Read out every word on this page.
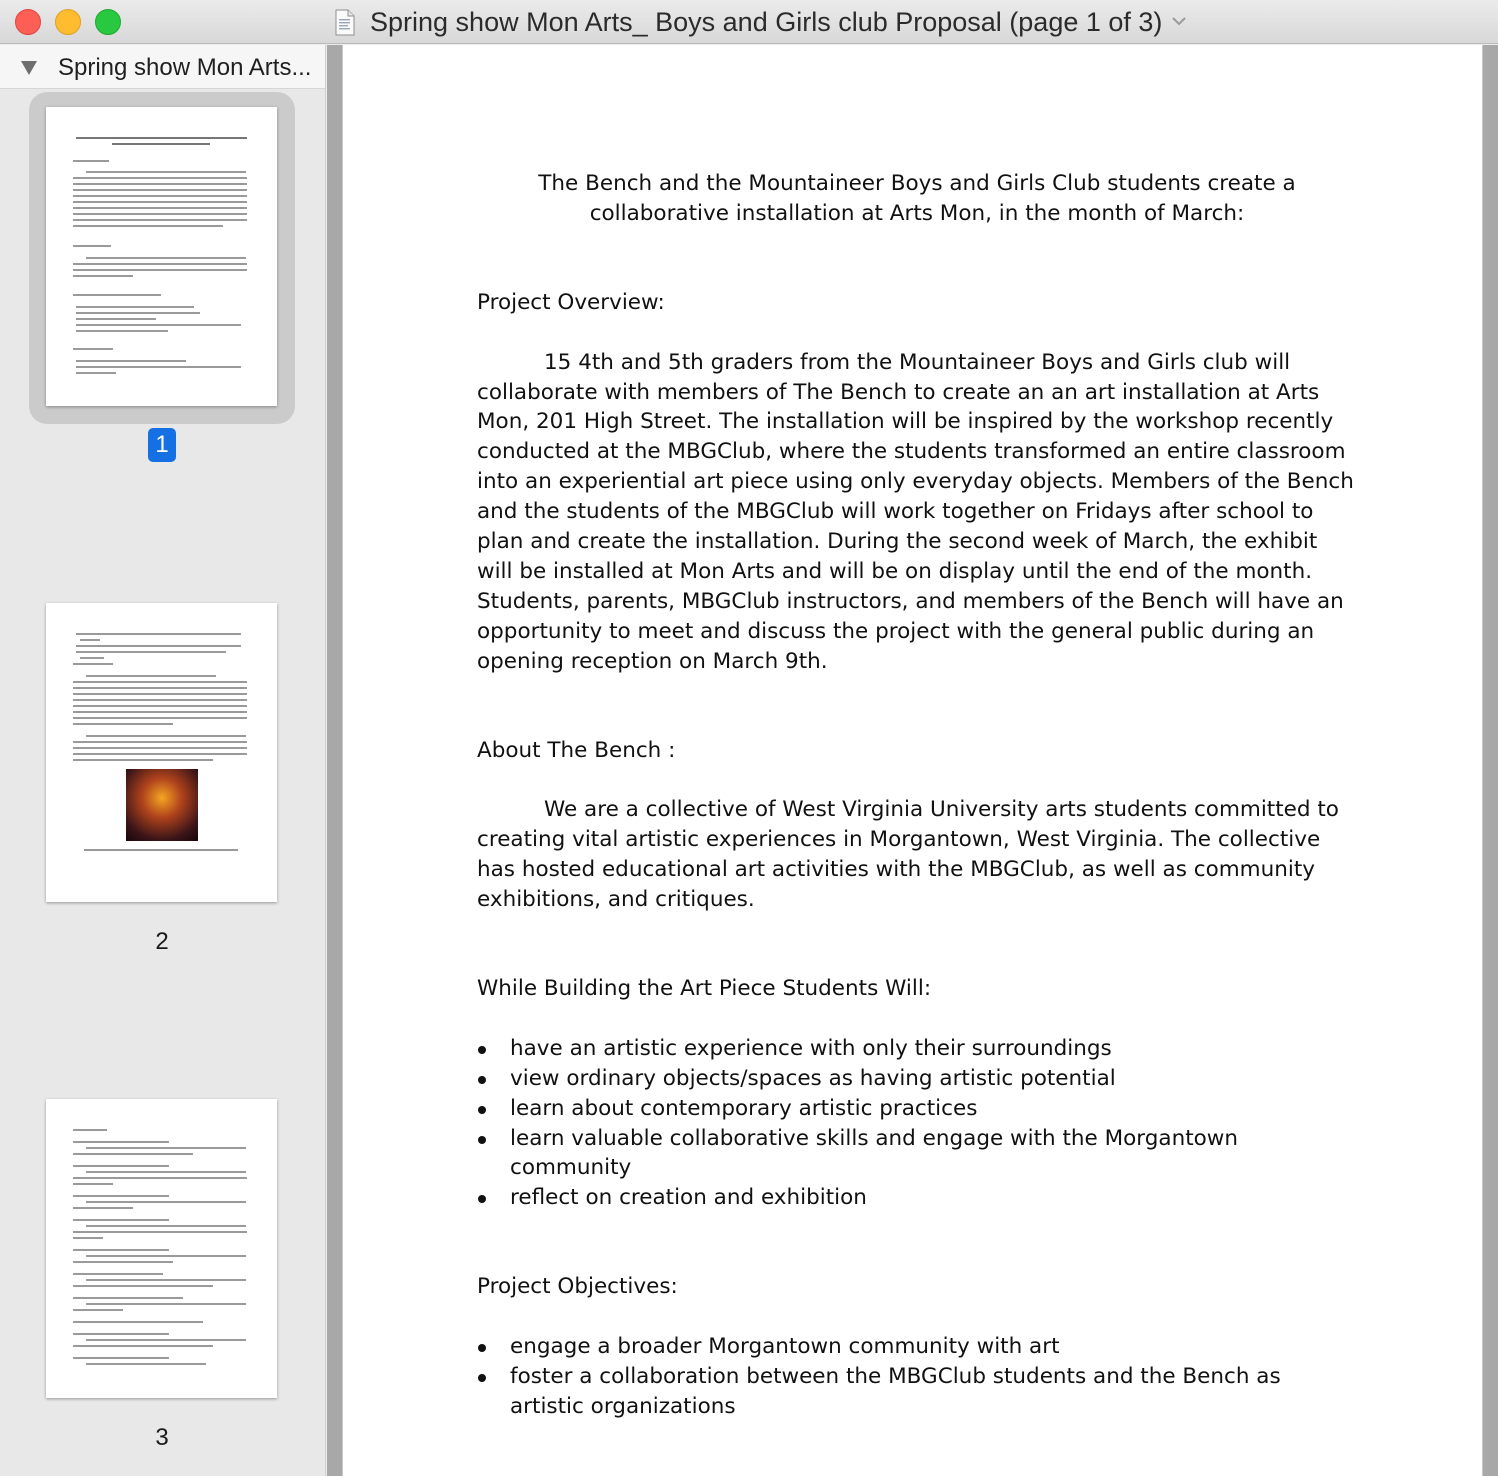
Spring show Mon Arts_ Boys and Girls club Proposal (page 1 of 3)
Spring show Mon Arts...
1
2
3

The Bench and the Mountaineer Boys and Girls Club students create a collaborative installation at Arts Mon, in the month of March:

Project Overview:

15 4th and 5th graders from the Mountaineer Boys and Girls club will collaborate with members of The Bench to create an an art installation at Arts Mon, 201 High Street. The installation will be inspired by the workshop recently conducted at the MBGClub, where the students transformed an entire classroom into an experiential art piece using only everyday objects. Members of the Bench and the students of the MBGClub will work together on Fridays after school to plan and create the installation. During the second week of March, the exhibit will be installed at Mon Arts and will be on display until the end of the month. Students, parents, MBGClub instructors, and members of the Bench will have an opportunity to meet and discuss the project with the general public during an opening reception on March 9th.

About The Bench :

We are a collective of West Virginia University arts students committed to creating vital artistic experiences in Morgantown, West Virginia. The collective has hosted educational art activities with the MBGClub, as well as community exhibitions, and critiques.

While Building the Art Piece Students Will:

have an artistic experience with only their surroundings
view ordinary objects/spaces as having artistic potential
learn about contemporary artistic practices
learn valuable collaborative skills and engage with the Morgantown community
reflect on creation and exhibition

Project Objectives:

engage a broader Morgantown community with art
foster a collaboration between the MBGClub students and the Bench as artistic organizations
